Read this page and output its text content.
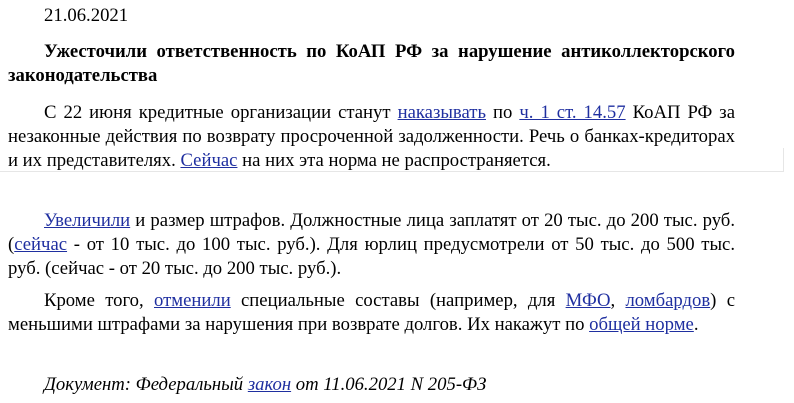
21.06.2021
Ужесточили ответственность по КоАП РФ за нарушение антиколлекторского законодательства
С 22 июня кредитные организации станут наказывать по ч. 1 ст. 14.57 КоАП РФ за незаконные действия по возврату просроченной задолженности. Речь о банках-кредиторах и их представителях. Сейчас на них эта норма не распространяется.
Увеличили и размер штрафов. Должностные лица заплатят от 20 тыс. до 200 тыс. руб. (сейчас - от 10 тыс. до 100 тыс. руб.). Для юрлиц предусмотрели от 50 тыс. до 500 тыс. руб. (сейчас - от 20 тыс. до 200 тыс. руб.).
Кроме того, отменили специальные составы (например, для МФО, ломбардов) с меньшими штрафами за нарушения при возврате долгов. Их накажут по общей норме.
Документ: Федеральный закон от 11.06.2021 N 205-ФЗ
